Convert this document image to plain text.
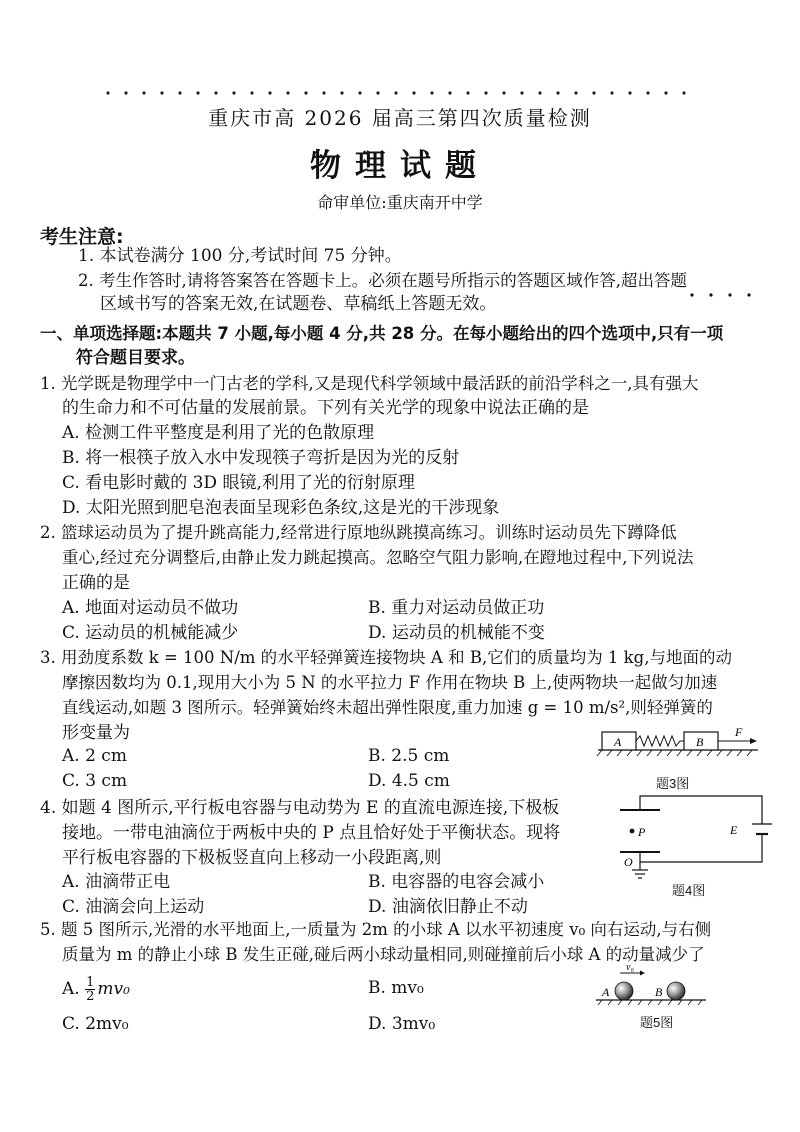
重庆市高 2026 届高三第四次质量检测
物理试题
命审单位:重庆南开中学
考生注意:
1. 本试卷满分 100 分,考试时间 75 分钟。
2. 考生作答时,请将答案答在答题卡上。必须在题号所指示的答题区域作答,超出答题
区域书写的答案无效,在试题卷、草稿纸上答题无效。
一、单项选择题:本题共 7 小题,每小题 4 分,共 28 分。在每小题给出的四个选项中,只有一项
符合题目要求。
1. 光学既是物理学中一门古老的学科,又是现代科学领域中最活跃的前沿学科之一,具有强大
的生命力和不可估量的发展前景。下列有关光学的现象中说法正确的是
A. 检测工件平整度是利用了光的色散原理
B. 将一根筷子放入水中发现筷子弯折是因为光的反射
C. 看电影时戴的 3D 眼镜,利用了光的衍射原理
D. 太阳光照到肥皂泡表面呈现彩色条纹,这是光的干涉现象
2. 篮球运动员为了提升跳高能力,经常进行原地纵跳摸高练习。训练时运动员先下蹲降低
重心,经过充分调整后,由静止发力跳起摸高。忽略空气阻力影响,在蹬地过程中,下列说法
正确的是
A. 地面对运动员不做功	B. 重力对运动员做正功
C. 运动员的机械能减少	D. 运动员的机械能不变
3. 用劲度系数 k = 100 N/m 的水平轻弹簧连接物块 A 和 B,它们的质量均为 1 kg,与地面的动
摩擦因数均为 0.1,现用大小为 5 N 的水平拉力 F 作用在物块 B 上,使两物块一起做匀加速
直线运动,如题 3 图所示。轻弹簧始终未超出弹性限度,重力加速 g = 10 m/s²,则轻弹簧的
形变量为
A. 2 cm	B. 2.5 cm
C. 3 cm	D. 4.5 cm
A	B
F
题3图
4. 如题 4 图所示,平行板电容器与电动势为 E 的直流电源连接,下极板
接地。一带电油滴位于两板中央的 P 点且恰好处于平衡状态。现将
平行板电容器的下极板竖直向上移动一小段距离,则
A. 油滴带正电	B. 电容器的电容会减小
C. 油滴会向上运动	D. 油滴依旧静止不动
P	E
O
题4图
5. 题 5 图所示,光滑的水平地面上,一质量为 2m 的小球 A 以水平初速度 v₀ 向右运动,与右侧
质量为 m 的静止小球 B 发生正碰,碰后两小球动量相同,则碰撞前后小球 A 的动量减少了
A. $\frac{1}{2} mv_0$	B. mv₀
C. 2mv₀	D. 3mv₀
v₀
A	B
题5图
